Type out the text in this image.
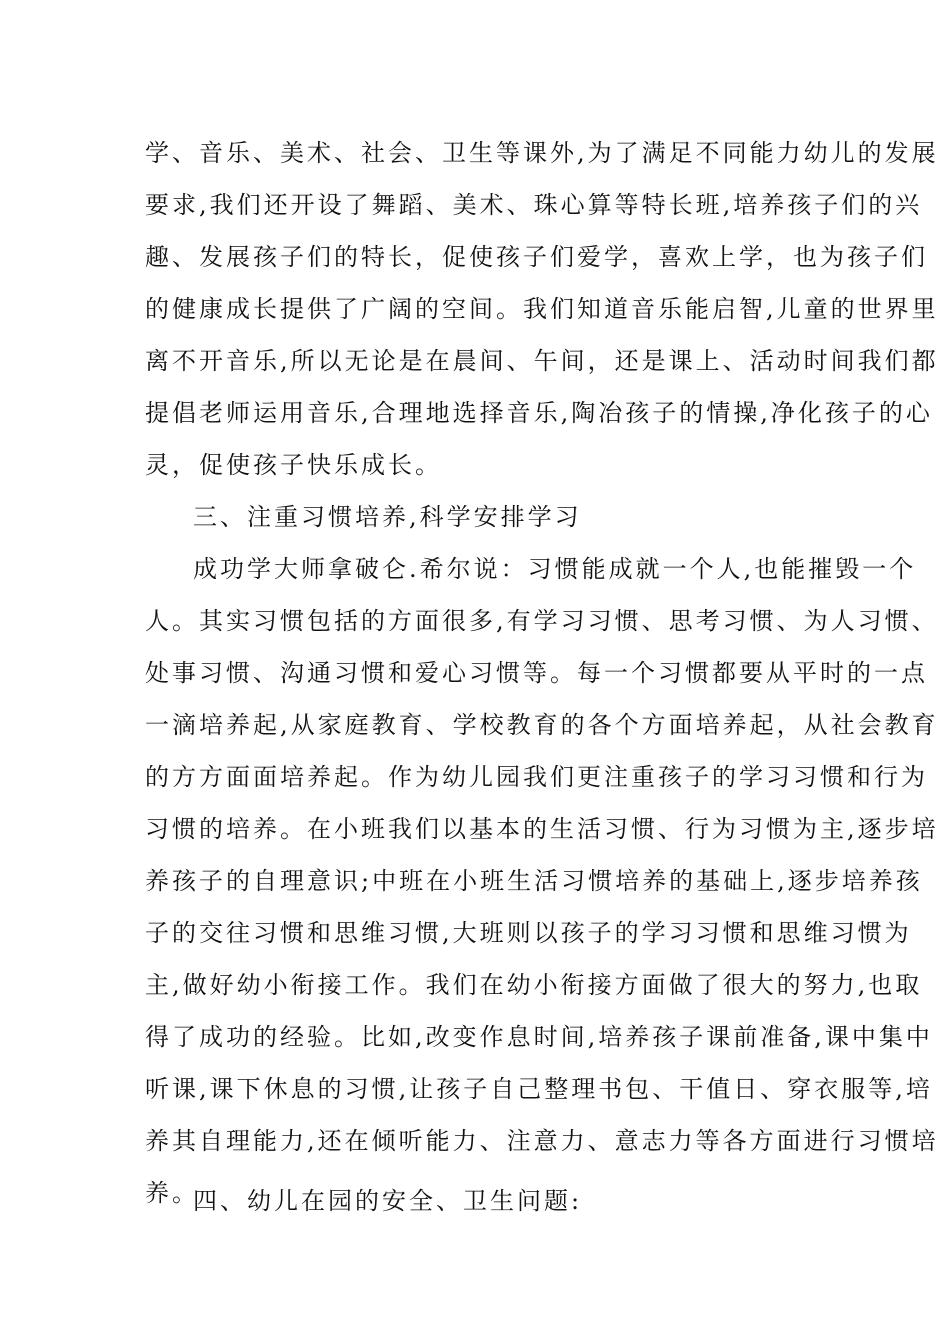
学、音乐、美术、社会、卫生等课外,为了满足不同能力幼儿的发展
要求,我们还开设了舞蹈、美术、珠心算等特长班,培养孩子们的兴
趣、发展孩子们的特长，促使孩子们爱学，喜欢上学，也为孩子们
的健康成长提供了广阔的空间。我们知道音乐能启智,儿童的世界里
离不开音乐,所以无论是在晨间、午间，还是课上、活动时间我们都
提倡老师运用音乐,合理地选择音乐,陶冶孩子的情操,净化孩子的心
灵，促使孩子快乐成长。
三、注重习惯培养,科学安排学习
成功学大师拿破仑.希尔说：习惯能成就一个人,也能摧毁一个
人。其实习惯包括的方面很多,有学习习惯、思考习惯、为人习惯、
处事习惯、沟通习惯和爱心习惯等。每一个习惯都要从平时的一点
一滴培养起,从家庭教育、学校教育的各个方面培养起，从社会教育
的方方面面培养起。作为幼儿园我们更注重孩子的学习习惯和行为
习惯的培养。在小班我们以基本的生活习惯、行为习惯为主,逐步培
养孩子的自理意识;中班在小班生活习惯培养的基础上,逐步培养孩
子的交往习惯和思维习惯,大班则以孩子的学习习惯和思维习惯为
主,做好幼小衔接工作。我们在幼小衔接方面做了很大的努力,也取
得了成功的经验。比如,改变作息时间,培养孩子课前准备,课中集中
听课,课下休息的习惯,让孩子自己整理书包、干值日、穿衣服等,培
养其自理能力,还在倾听能力、注意力、意志力等各方面进行习惯培
养。
四、幼儿在园的安全、卫生问题:
